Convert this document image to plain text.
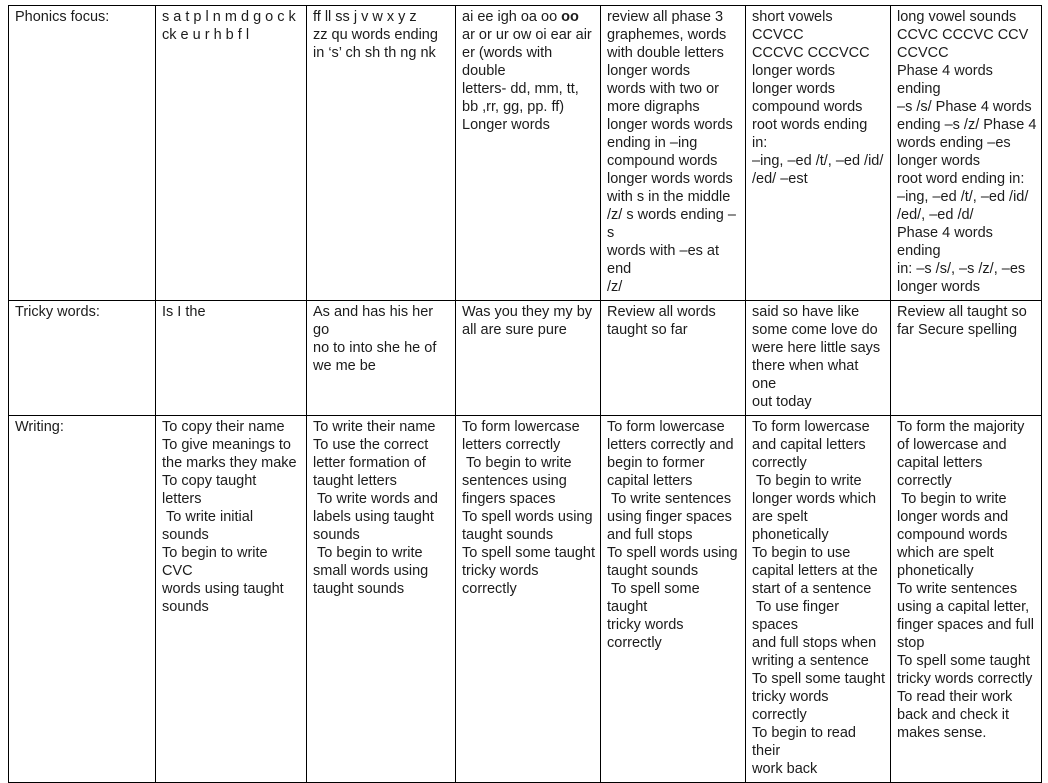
Phonics focus:	s a t p l n m d g o c k
ck e u r h b f l

ff ll ss j v w x y z
zz qu words ending
in ‘s’ ch sh th ng nk

ai ee igh oa oo oo
ar or ur ow oi ear air
er (words with double
letters- dd, mm, tt,
bb ,rr, gg, pp. ff)
Longer words

review all phase 3
graphemes, words
with double letters
longer words
words with two or
more digraphs
longer words words
ending in –ing
compound words
longer words words
with s in the middle
/z/ s words ending –s
words with –es at end
/z/

short vowels CCVCC
CCCVC CCCVCC
longer words
longer words
compound words
root words ending in:
–ing, –ed /t/, –ed /id/
/ed/ –est

long vowel sounds
CCVC CCCVC CCV
CCVCC
Phase 4 words ending
–s /s/ Phase 4 words
ending –s /z/ Phase 4
words ending –es
longer words
root word ending in:
–ing, –ed /t/, –ed /id/
/ed/, –ed /d/
Phase 4 words ending
in: –s /s/, –s /z/, –es
longer words

Tricky words:	Is I the	As and has his her go
no to into she he of
we me be

Was you they my by
all are sure pure

Review all words
taught so far

said so have like
some come love do
were here little says
there when what one
out today

Review all taught so
far Secure spelling

Writing:	To copy their name
To give meanings to
the marks they make
To copy taught
letters
To write initial
sounds
To begin to write CVC
words using taught
sounds

To write their name
To use the correct
letter formation of
taught letters
To write words and
labels using taught
sounds
To begin to write
small words using
taught sounds

To form lowercase
letters correctly
To begin to write
sentences using
fingers spaces
To spell words using
taught sounds
To spell some taught
tricky words correctly

To form lowercase
letters correctly and
begin to former
capital letters
To write sentences
using finger spaces
and full stops
To spell words using
taught sounds
To spell some taught
tricky words correctly

To form lowercase
and capital letters
correctly
To begin to write
longer words which
are spelt phonetically
To begin to use
capital letters at the
start of a sentence
To use finger spaces
and full stops when
writing a sentence
To spell some taught
tricky words correctly
To begin to read their
work back

To form the majority
of lowercase and
capital letters
correctly
To begin to write
longer words and
compound words
which are spelt
phonetically
To write sentences
using a capital letter,
finger spaces and full
stop
To spell some taught
tricky words correctly
To read their work
back and check it
makes sense.
